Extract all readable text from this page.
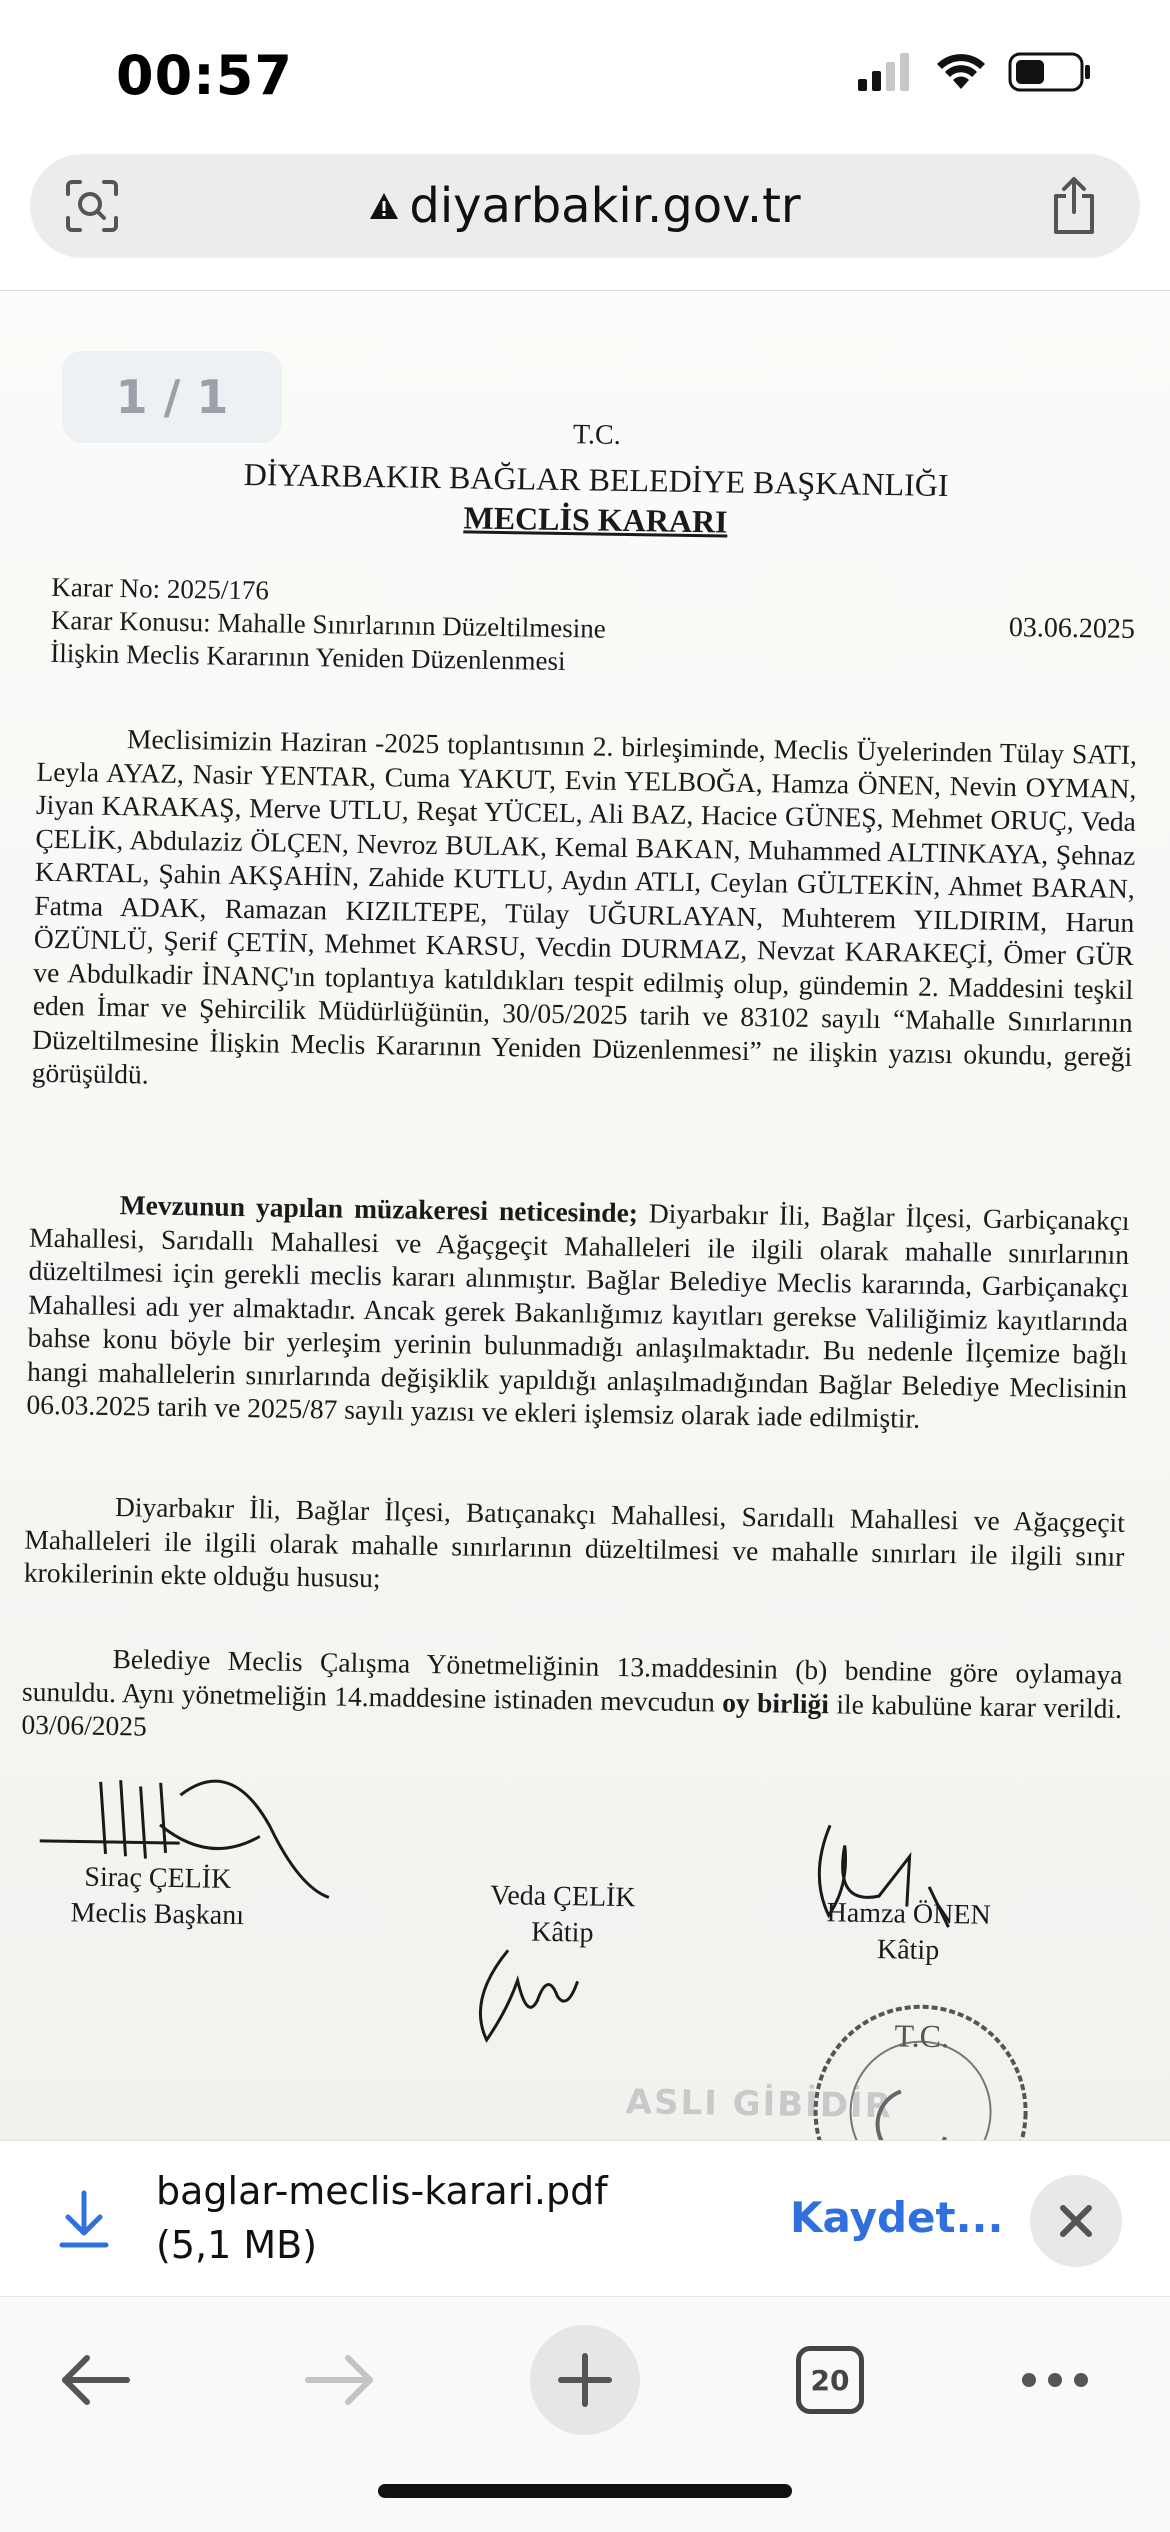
00:57
diyarbakir.gov.tr
T.C.
DİYARBAKIR BAĞLAR BELEDİYE BAŞKANLIĞI
MECLİS KARARI
Karar No: 2025/176
Karar Konusu: Mahalle Sınırlarının Düzeltilmesine
İlişkin Meclis Kararının Yeniden Düzenlenmesi
03.06.2025

Meclisimizin Haziran -2025 toplantısının 2. birleşiminde, Meclis Üyelerinden Tülay SATI, Leyla AYAZ, Nasir YENTAR, Cuma YAKUT, Evin YELBOĞA, Hamza ÖNEN, Nevin OYMAN, Jiyan KARAKAŞ, Merve UTLU, Reşat YÜCEL, Ali BAZ, Hacice GÜNEŞ, Mehmet ORUÇ, Veda ÇELİK, Abdulaziz ÖLÇEN, Nevroz BULAK, Kemal BAKAN, Muhammed ALTINKAYA, Şehnaz KARTAL, Şahin AKŞAHİN, Zahide KUTLU, Aydın ATLI, Ceylan GÜLTEKİN, Ahmet BARAN, Fatma ADAK, Ramazan KIZILTEPE, Tülay UĞURLAYAN, Muhterem YILDIRIM, Harun ÖZÜNLÜ, Şerif ÇETİN, Mehmet KARSU, Vecdin DURMAZ, Nevzat KARAKEÇİ, Ömer GÜR ve Abdulkadir İNANÇ'ın toplantıya katıldıkları tespit edilmiş olup, gündemin 2. Maddesini teşkil eden İmar ve Şehircilik Müdürlüğünün, 30/05/2025 tarih ve 83102 sayılı “Mahalle Sınırlarının Düzeltilmesine İlişkin Meclis Kararının Yeniden Düzenlenmesi” ne ilişkin yazısı okundu, gereği görüşüldü.

Mevzunun yapılan müzakeresi neticesinde; Diyarbakır İli, Bağlar İlçesi, Garbiçanakçı Mahallesi, Sarıdallı Mahallesi ve Ağaçgeçit Mahalleleri ile ilgili olarak mahalle sınırlarının düzeltilmesi için gerekli meclis kararı alınmıştır. Bağlar Belediye Meclis kararında, Garbiçanakçı Mahallesi adı yer almaktadır. Ancak gerek Bakanlığımız kayıtları gerekse Valiliğimiz kayıtlarında bahse konu böyle bir yerleşim yerinin bulunmadığı anlaşılmaktadır. Bu nedenle İlçemize bağlı hangi mahallelerin sınırlarında değişiklik yapıldığı anlaşılmadığından Bağlar Belediye Meclisinin 06.03.2025 tarih ve 2025/87 sayılı yazısı ve ekleri işlemsiz olarak iade edilmiştir.

Diyarbakır İli, Bağlar İlçesi, Batıçanakçı Mahallesi, Sarıdallı Mahallesi ve Ağaçgeçit Mahalleleri ile ilgili olarak mahalle sınırlarının düzeltilmesi ve mahalle sınırları ile ilgili sınır krokilerinin ekte olduğu hususu;

Belediye Meclis Çalışma Yönetmeliğinin 13.maddesinin (b) bendine göre oylamaya sunuldu. Aynı yönetmeliğin 14.maddesine istinaden mevcudun oy birliği ile kabulüne karar verildi. 03/06/2025

Siraç ÇELİK
Meclis Başkanı
Veda ÇELİK
Kâtip
Hamza ÖNEN
Kâtip
ASLI GİBİDİR
T.C.
1 / 1
baglar-meclis-karari.pdf
(5,1 MB)
Kaydet...
20
